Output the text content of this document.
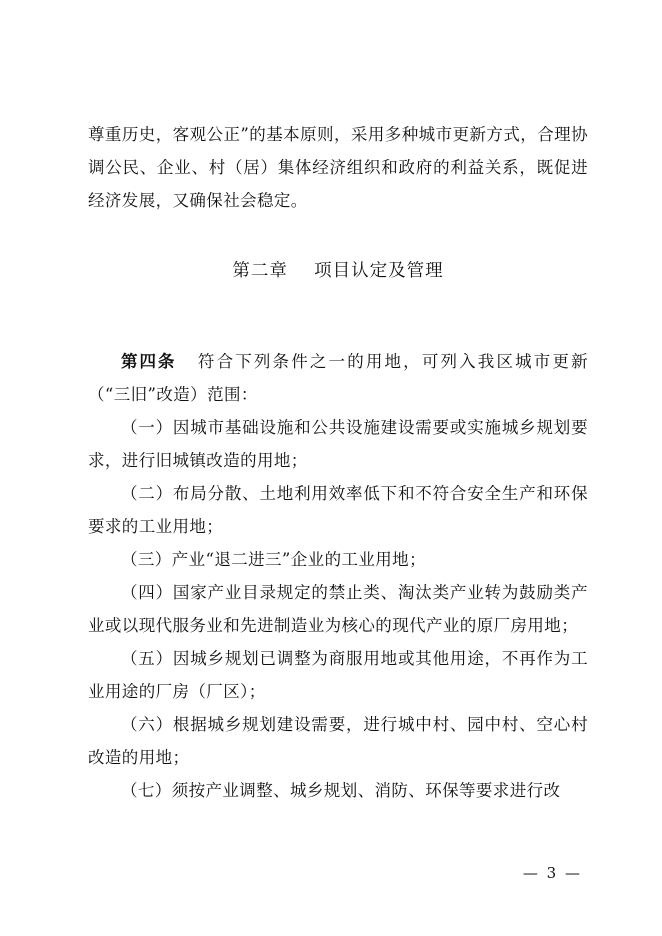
尊重历史，客观公正”的基本原则，采用多种城市更新方式，合理协调公民、企业、村（居）集体经济组织和政府的利益关系，既促进经济发展，又确保社会稳定。

第二章 项目认定及管理

第四条 符合下列条件之一的用地，可列入我区城市更新（“三旧”改造）范围：

（一）因城市基础设施和公共设施建设需要或实施城乡规划要求，进行旧城镇改造的用地；

（二）布局分散、土地利用效率低下和不符合安全生产和环保要求的工业用地；

（三）产业“退二进三”企业的工业用地；

（四）国家产业目录规定的禁止类、淘汰类产业转为鼓励类产业或以现代服务业和先进制造业为核心的现代产业的原厂房用地；

（五）因城乡规划已调整为商服用地或其他用途，不再作为工业用途的厂房（厂区）；

（六）根据城乡规划建设需要，进行城中村、园中村、空心村改造的用地；

（七）须按产业调整、城乡规划、消防、环保等要求进行改

— 3 —
